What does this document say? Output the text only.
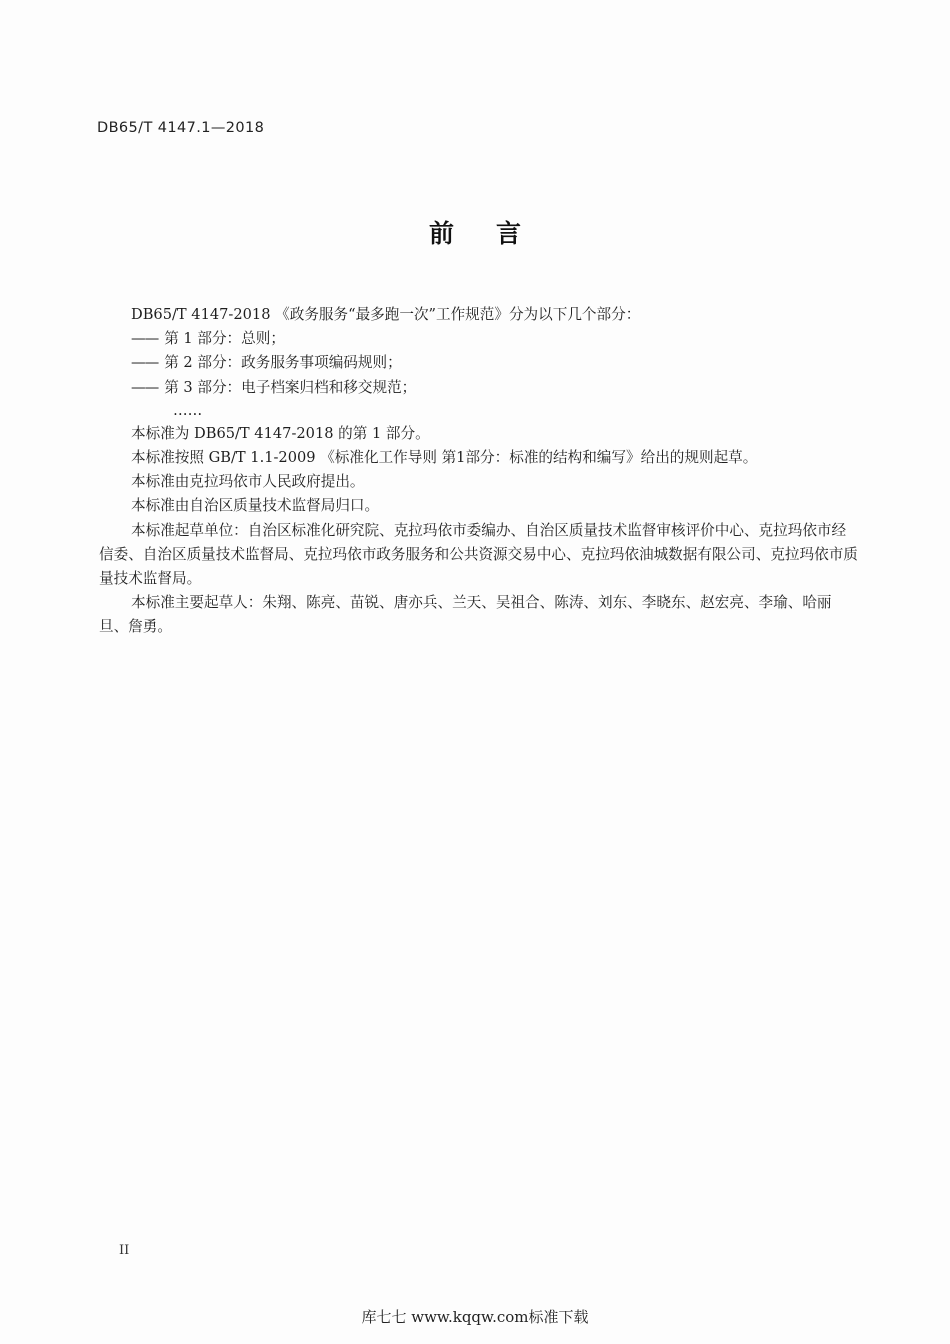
DB65/T 4147.1—2018
前 言

DB65/T 4147-2018 《政务服务“最多跑一次”工作规范》分为以下几个部分：

—— 第 1 部分：总则；

—— 第 2 部分：政务服务事项编码规则；

—— 第 3 部分：电子档案归档和移交规范；

……

本标准为 DB65/T 4147-2018 的第 1 部分。

本标准按照 GB/T 1.1-2009 《标准化工作导则 第1部分：标准的结构和编写》给出的规则起草。

本标准由克拉玛依市人民政府提出。

本标准由自治区质量技术监督局归口。

本标准起草单位：自治区标准化研究院、克拉玛依市委编办、自治区质量技术监督审核评价中心、克拉玛依市经信委、自治区质量技术监督局、克拉玛依市政务服务和公共资源交易中心、克拉玛依油城数据有限公司、克拉玛依市质量技术监督局。

本标准主要起草人：朱翔、陈亮、苗锐、唐亦兵、兰天、吴祖合、陈涛、刘东、李晓东、赵宏亮、李瑜、哈丽旦、詹勇。

II
库七七 www.kqqw.com标准下载
